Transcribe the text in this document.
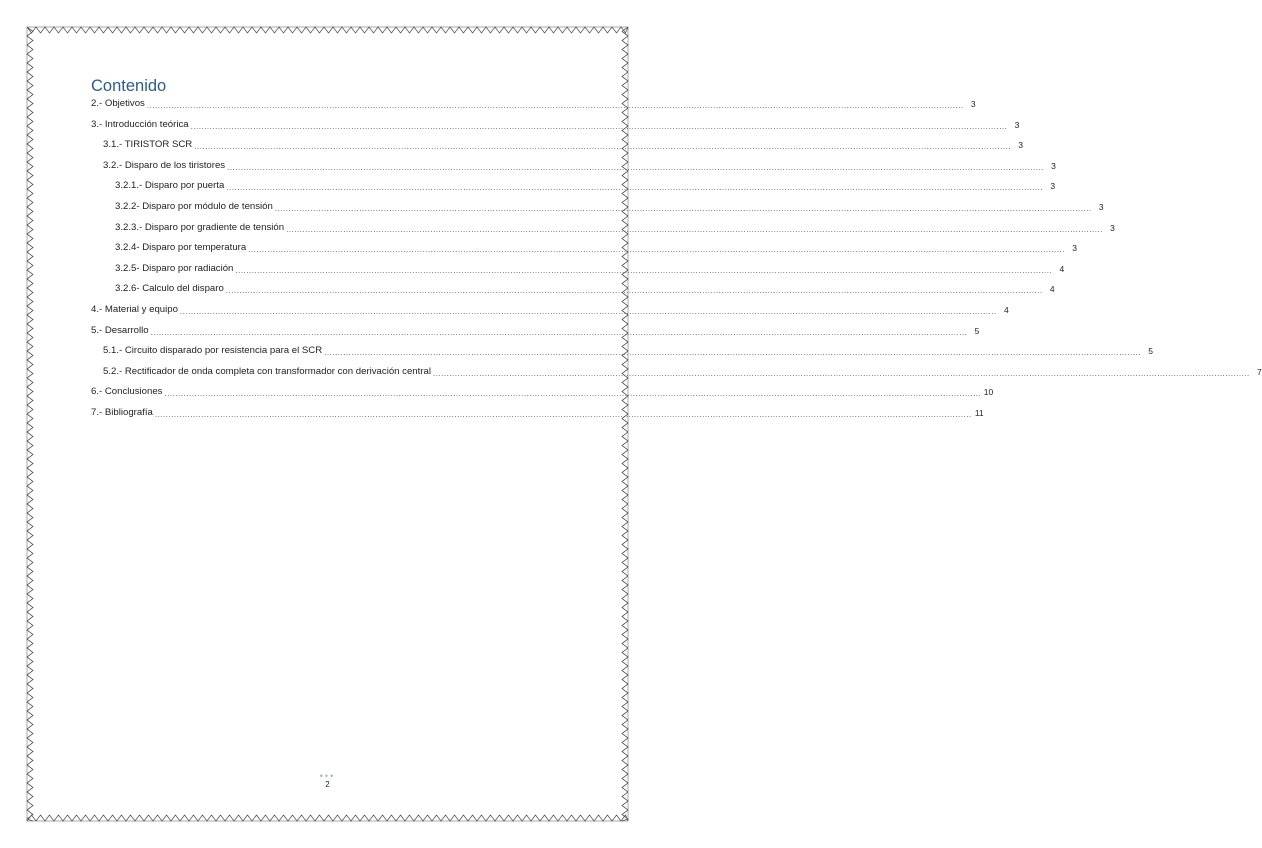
Contenido
2.- Objetivos ............................................................................................................................................................................................................................................................................................................ 3
3.- Introducción teórica ............................................................................................................................................................................................................................................................................................................ 3
3.1.- TIRISTOR SCR ............................................................................................................................................................................................................................................................................................................ 3
3.2.- Disparo de los tiristores ............................................................................................................................................................................................................................................................................................................ 3
3.2.1.- Disparo por puerta ............................................................................................................................................................................................................................................................................................................ 3
3.2.2- Disparo por módulo de tensión ............................................................................................................................................................................................................................................................................................................ 3
3.2.3.- Disparo por gradiente de tensión ............................................................................................................................................................................................................................................................................................................ 3
3.2.4- Disparo por temperatura ............................................................................................................................................................................................................................................................................................................ 3
3.2.5- Disparo por radiación ............................................................................................................................................................................................................................................................................................................ 4
3.2.6- Calculo del disparo ............................................................................................................................................................................................................................................................................................................ 4
4.- Material y equipo ............................................................................................................................................................................................................................................................................................................ 4
5.- Desarrollo ............................................................................................................................................................................................................................................................................................................ 5
5.1.- Circuito disparado por resistencia para el SCR ............................................................................................................................................................................................................................................................................................................ 5
5.2.- Rectificador de onda completa con transformador con derivación central ............................................................................................................................................................................................................................................................................................................ 7
6.- Conclusiones ............................................................................................................................................................................................................................................................................................................ 10
7.- Bibliografía ............................................................................................................................................................................................................................................................................................................ 11
•••
2
